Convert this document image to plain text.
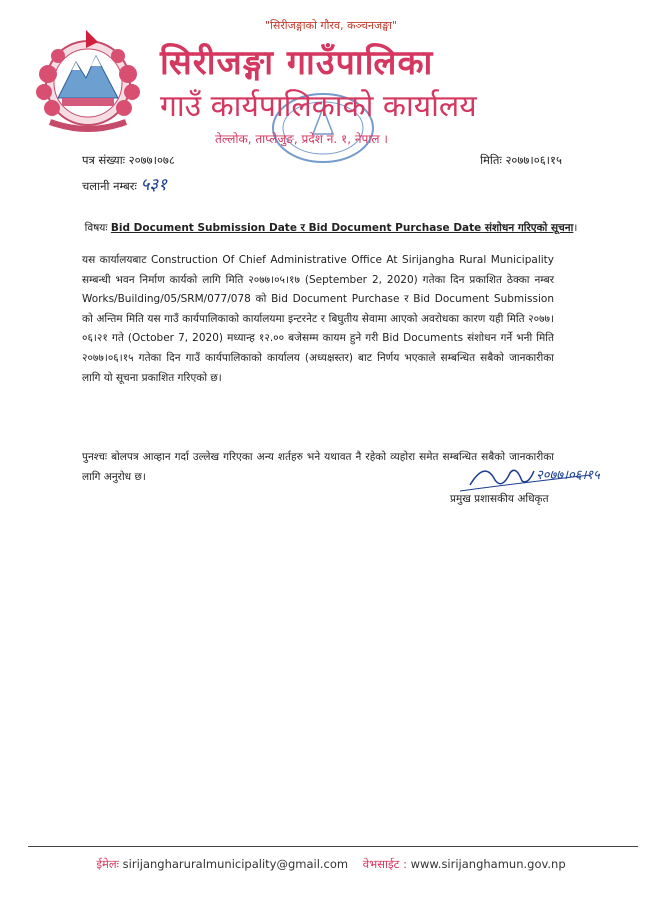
"सिरीजङ्गाको गौरव, कञ्चनजङ्घा"
सिरीजङ्गा गाउँपालिका
गाउँ कार्यपालिकाको कार्यालय
तेल्लोक, ताप्लेजुङ, प्रदेश नं. १, नेपाल ।
पत्र संख्याः २०७७।०७८	मितिः २०७७।०६।१५
चलानी नम्बरः ५३१
विषयः Bid Document Submission Date र Bid Document Purchase Date संशोधन गरिएको सूचना।
यस कार्यालयबाट Construction Of Chief Administrative Office At Sirijangha Rural Municipality सम्बन्धी भवन निर्माण कार्यको लागि मिति २०७७।०५।१७ (September 2, 2020) गतेका दिन प्रकाशित ठेक्का नम्बर Works/Building/05/SRM/077/078 को Bid Document Purchase र Bid Document Submission को अन्तिम मिति यस गाउँ कार्यपालिकाको कार्यालयमा इन्टरनेट र बिघुतीय सेवामा आएको अवरोधका कारण यही मिति २०७७।०६।२१ गते (October 7, 2020) मध्यान्ह १२.०० बजेसम्म कायम हुने गरी Bid Documents संशोधन गर्ने भनी मिति २०७७।०६।१५ गतेका दिन गाउँ कार्यपालिकाको कार्यालय (अध्यक्षस्तर) बाट निर्णय भएकाले सम्बन्धित सबैको जानकारीका लागि यो सूचना प्रकाशित गरिएको छ।
पुनश्चः बोलपत्र आव्हान गर्दा उल्लेख गरिएका अन्य शर्तहरु भने यथावत नै रहेको व्यहोरा समेत सम्बन्धित सबैको जानकारीका लागि अनुरोध छ।	२०७७।०६।१५
प्रमुख प्रशासकीय अधिकृत
ईमेलः sirijangharuralmunicipality@gmail.com वेभसाईट : www.sirijanghamun.gov.np
